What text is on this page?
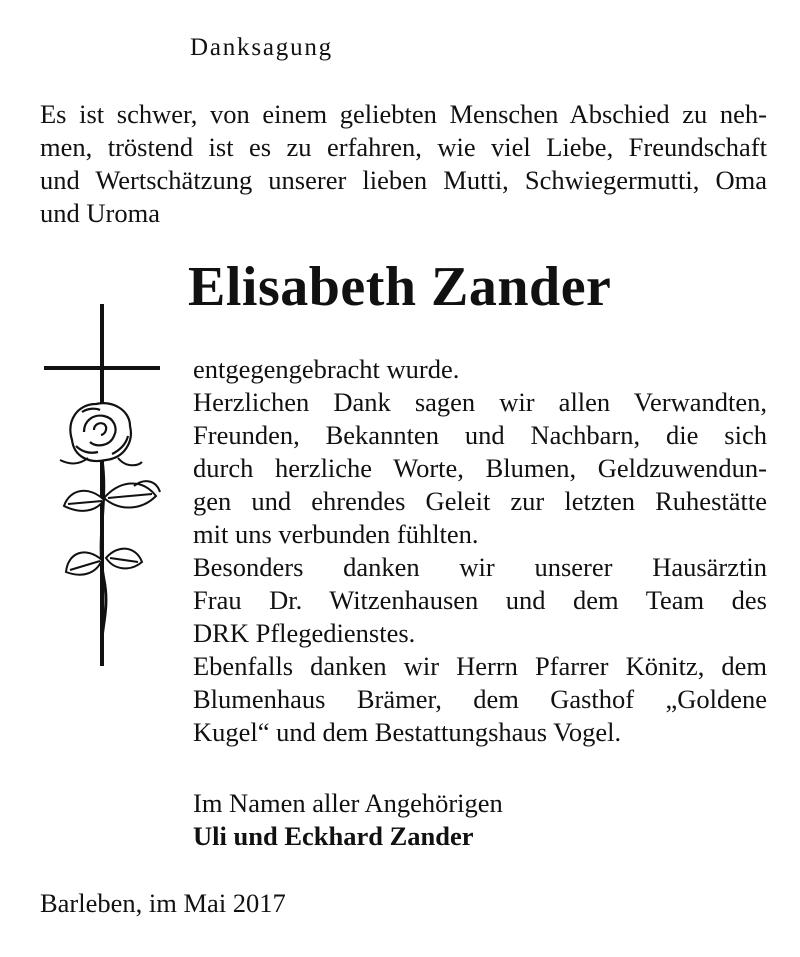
Danksagung

Es ist schwer, von einem geliebten Menschen Abschied zu neh-

men, tröstend ist es zu erfahren, wie viel Liebe, Freundschaft

und Wertschätzung unserer lieben Mutti, Schwiegermutti, Oma

und Uroma

Elisabeth Zander

entgegengebracht wurde.

Herzlichen Dank sagen wir allen Verwandten,

Freunden, Bekannten und Nachbarn, die sich

durch herzliche Worte, Blumen, Geldzuwendun-

gen und ehrendes Geleit zur letzten Ruhestätte

mit uns verbunden fühlten.

Besonders danken wir unserer Hausärztin

Frau Dr. Witzenhausen und dem Team des

DRK Pflegedienstes.

Ebenfalls danken wir Herrn Pfarrer Könitz, dem

Blumenhaus Brämer, dem Gasthof „Goldene

Kugel“ und dem Bestattungshaus Vogel.

Im Namen aller Angehörigen

Uli und Eckhard Zander

Barleben, im Mai 2017
